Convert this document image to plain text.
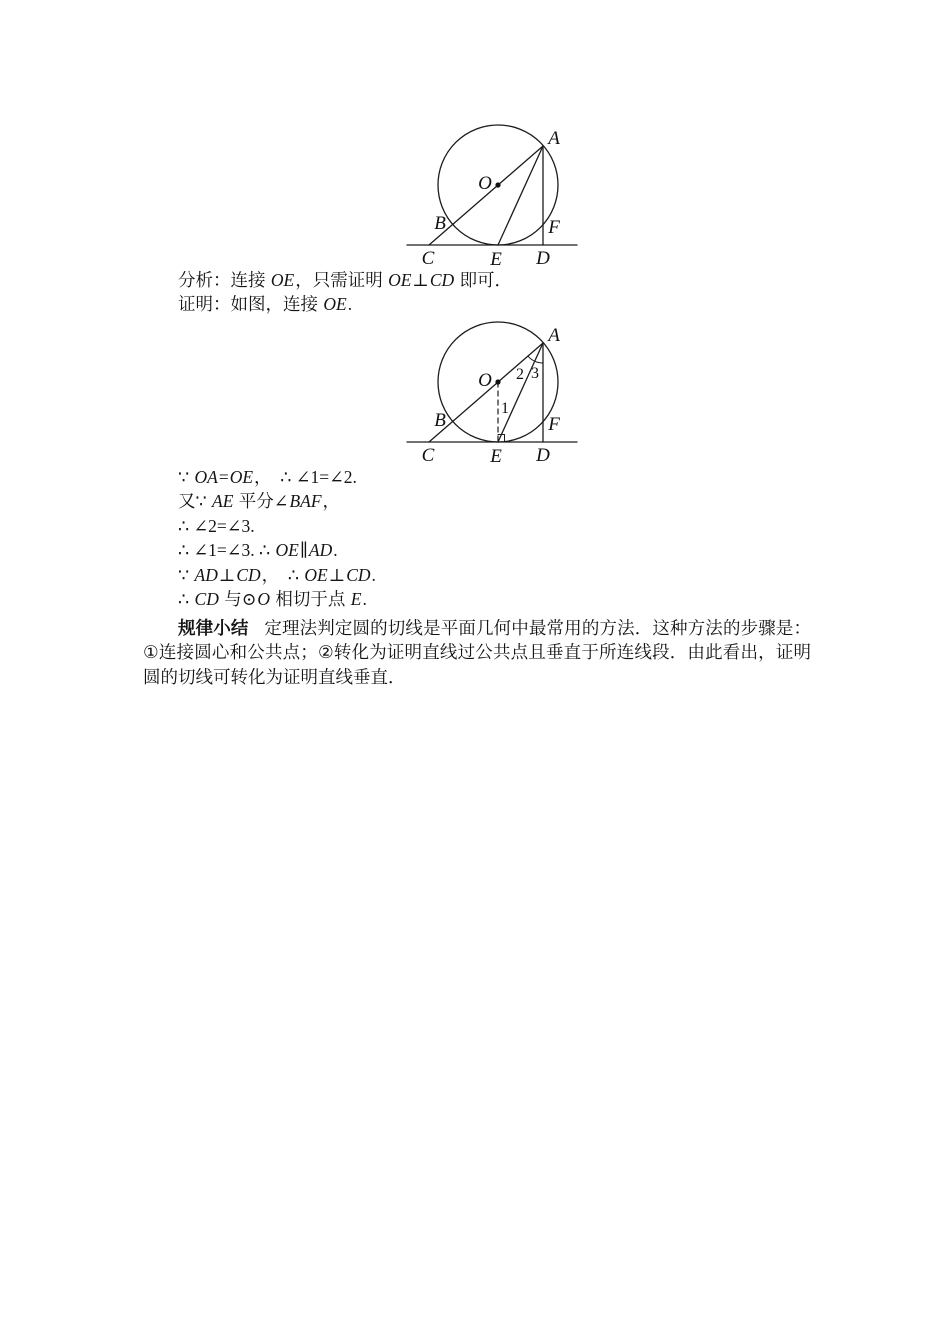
A
B
C	D
E
F
O

分析：连接 OE，只需证明 OE⊥CD 即可．

证明：如图，连接 OE.

A
B
C	D
E
F
O
1
2 3

∵ OA=OE，　∴ ∠1=∠2.

又∵ AE 平分∠BAF，

∴ ∠2=∠3.

∴ ∠1=∠3. ∴ OE∥AD.

∵ AD⊥CD，　∴ OE⊥CD.

∴ CD 与⊙O 相切于点 E.

规律小结 定理法判定圆的切线是平面几何中最常用的方法．这种方法的步骤是：①连接圆心和公共点；②转化为证明直线过公共点且垂直于所连线段．由此看出，证明圆的切线可转化为证明直线垂直．
